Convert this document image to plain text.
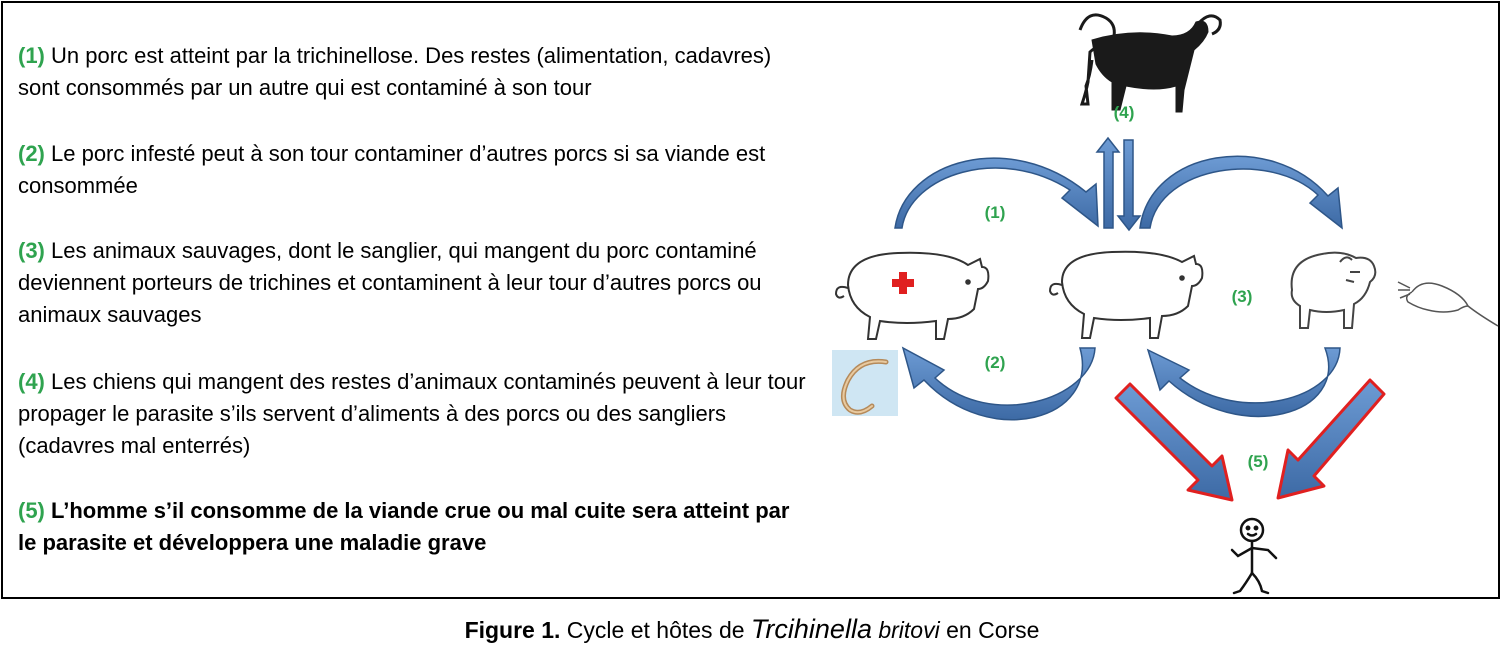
(1) Un porc est atteint par la trichinellose. Des restes (alimentation, cadavres) sont consommés par un autre qui est contaminé à son tour

(2) Le porc infesté peut à son tour contaminer d’autres porcs si sa viande est consommée

(3) Les animaux sauvages, dont le sanglier, qui mangent du porc contaminé deviennent porteurs de trichines et contaminent à leur tour d’autres porcs ou animaux sauvages

(4) Les chiens qui mangent des restes d’animaux contaminés peuvent à leur tour propager le parasite s’ils servent d’aliments à des porcs ou des sangliers (cadavres mal enterrés)

(5) L’homme s’il consomme de la viande crue ou mal cuite sera atteint par le parasite et développera une maladie grave

(4)
(1)
(2)
(3)
(5)
Figure 1. Cycle et hôtes de Trcihinella britovi en Corse
